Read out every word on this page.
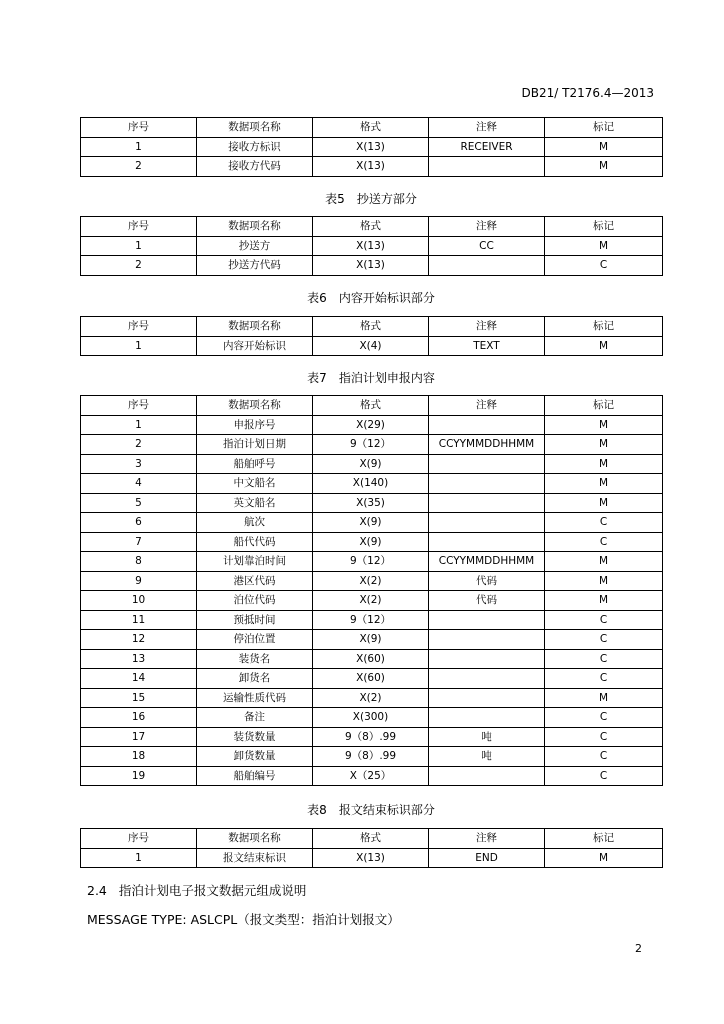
DB21/ T2176.4—2013
序号	数据项名称	格式	注释	标记
1	接收方标识	X(13)	RECEIVER	M
2	接收方代码	X(13)		M
表5 抄送方部分
序号	数据项名称	格式	注释	标记
1	抄送方	X(13)	CC	M
2	抄送方代码	X(13)		C
表6 内容开始标识部分
序号	数据项名称	格式	注释	标记
1	内容开始标识	X(4)	TEXT	M
表7 指泊计划申报内容
序号	数据项名称	格式	注释	标记
1	申报序号	X(29)		M
2	指泊计划日期	9（12）	CCYYMMDDHHMM	M
3	船舶呼号	X(9)		M
4	中文船名	X(140)		M
5	英文船名	X(35)		M
6	航次	X(9)		C
7	船代代码	X(9)		C
8	计划靠泊时间	9（12）	CCYYMMDDHHMM	M
9	港区代码	X(2)	代码	M
10	泊位代码	X(2)	代码	M
11	预抵时间	9（12）		C
12	停泊位置	X(9)		C
13	装货名	X(60)		C
14	卸货名	X(60)		C
15	运输性质代码	X(2)		M
16	备注	X(300)		C
17	装货数量	9（8）.99	吨	C
18	卸货数量	9（8）.99	吨	C
19	船舶编号	X（25）		C
表8 报文结束标识部分
序号	数据项名称	格式	注释	标记
1	报文结束标识	X(13)	END	M
2.4 指泊计划电子报文数据元组成说明
MESSAGE TYPE: ASLCPL（报文类型：指泊计划报文）
2
